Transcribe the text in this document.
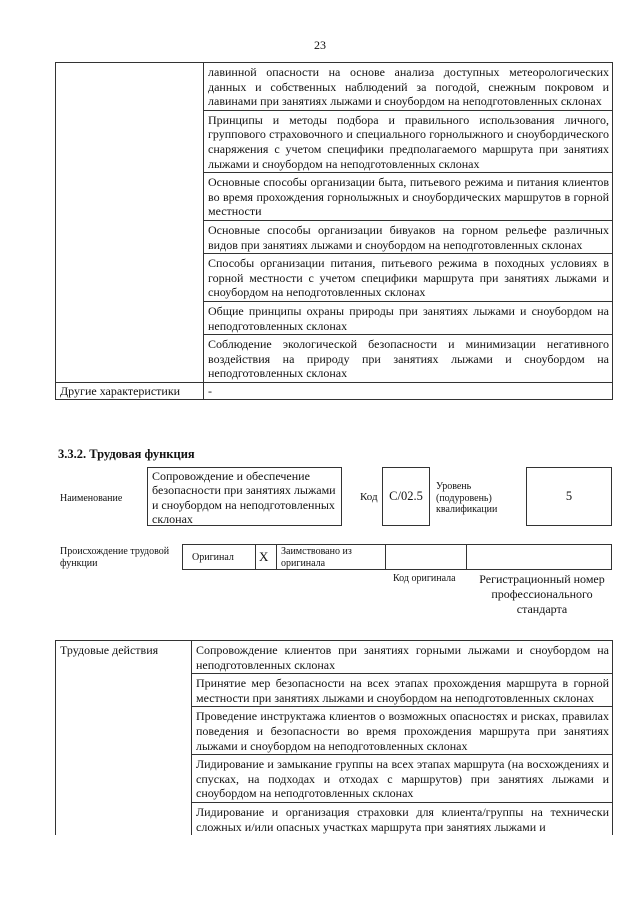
23
	лавинной опасности на основе анализа доступных метеорологических данных и собственных наблюдений за погодой, снежным покровом и лавинами при занятиях лыжами и сноубордом на неподготовленных склонах
	Принципы и методы подбора и правильного использования личного, группового страховочного и специального горнолыжного и сноубордического снаряжения с учетом специфики предполагаемого маршрута при занятиях лыжами и сноубордом на неподготовленных склонах
	Основные способы организации быта, питьевого режима и питания клиентов во время прохождения горнолыжных и сноубордических маршрутов в горной местности
	Основные способы организации бивуаков на горном рельефе различных видов при занятиях лыжами и сноубордом на неподготовленных склонах
	Способы организации питания, питьевого режима в походных условиях в горной местности с учетом специфики маршрута при занятиях лыжами и сноубордом на неподготовленных склонах
	Общие принципы охраны природы при занятиях лыжами и сноубордом на неподготовленных склонах
	Соблюдение экологической безопасности и минимизации негативного воздействия на природу при занятиях лыжами и сноубордом на неподготовленных склонах
Другие характеристики	-
3.3.2. Трудовая функция
Наименование
Сопровождение и обеспечение безопасности при занятиях лыжами и сноубордом на неподготовленных склонах
Код C/02.5
Уровень (подуровень) квалификации
5
Происхождение трудовой функции	Оригинал X Заимствовано из оригинала
Код оригинала	Регистрационный номер профессионального стандарта
Трудовые действия	Сопровождение клиентов при занятиях горными лыжами и сноубордом на неподготовленных склонах
Принятие мер безопасности на всех этапах прохождения маршрута в горной местности при занятиях лыжами и сноубордом на неподготовленных склонах
Проведение инструктажа клиентов о возможных опасностях и рисках, правилах поведения и безопасности во время прохождения маршрута при занятиях лыжами и сноубордом на неподготовленных склонах
Лидирование и замыкание группы на всех этапах маршрута (на восхождениях и спусках, на подходах и отходах с маршрутов) при занятиях лыжами и сноубордом на неподготовленных склонах
Лидирование и организация страховки для клиента/группы на технически сложных и/или опасных участках маршрута при занятиях лыжами и
